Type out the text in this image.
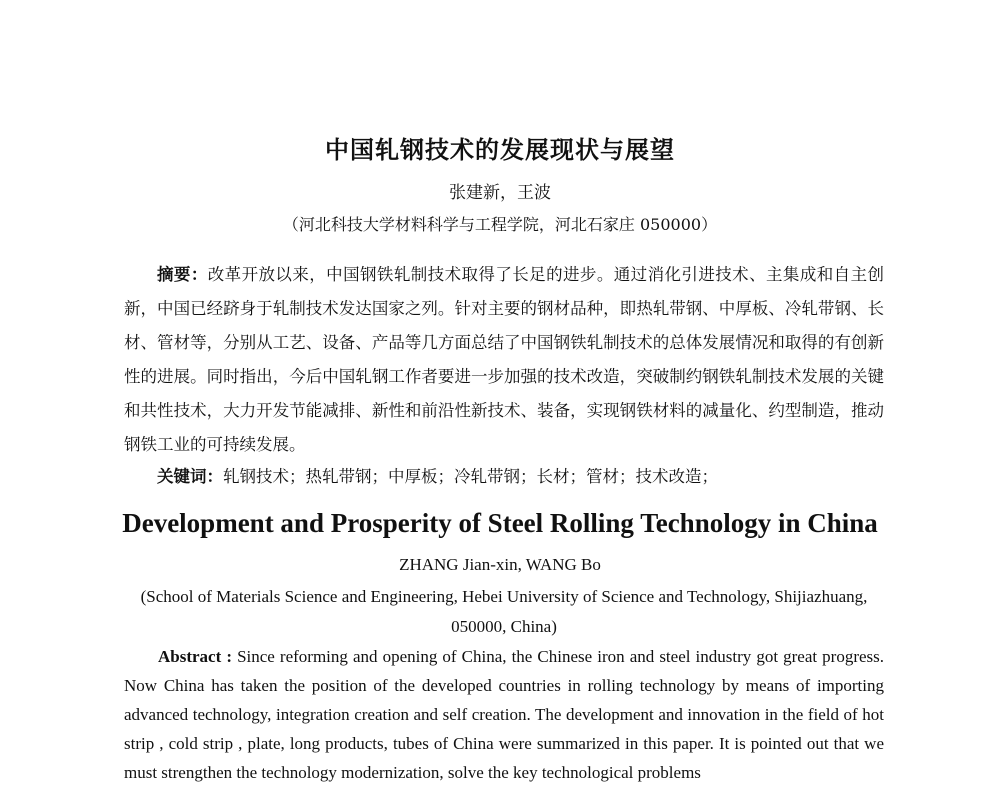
中国轧钢技术的发展现状与展望
张建新，王波
（河北科技大学材料科学与工程学院，河北石家庄 050000）
摘要：改革开放以来，中国钢铁轧制技术取得了长足的进步。通过消化引进技术、主集成和自主创新，中国已经跻身于轧制技术发达国家之列。针对主要的钢材品种，即热轧带钢、中厚板、冷轧带钢、长材、管材等，分别从工艺、设备、产品等几方面总结了中国钢铁轧制技术的总体发展情况和取得的有创新性的进展。同时指出，今后中国轧钢工作者要进一步加强的技术改造，突破制约钢铁轧制技术发展的关键和共性技术，大力开发节能减排、新性和前沿性新技术、装备，实现钢铁材料的减量化、约型制造，推动钢铁工业的可持续发展。
关键词：轧钢技术；热轧带钢；中厚板；冷轧带钢；长材；管材；技术改造；
Development and Prosperity of Steel Rolling Technology in China
ZHANG Jian-xin, WANG Bo
(School of Materials Science and Engineering, Hebei University of Science and Technology, Shijiazhuang, 050000, China)
Abstract : Since reforming and opening of China, the Chinese iron and steel industry got great progress. Now China has taken the position of the developed countries in rolling technology by means of importing advanced technology, integration creation and self creation. The development and innovation in the field of hot strip , cold strip , plate, long products, tubes of China were summarized in this paper. It is pointed out that we must strengthen the technology modernization, solve the key technological problems
